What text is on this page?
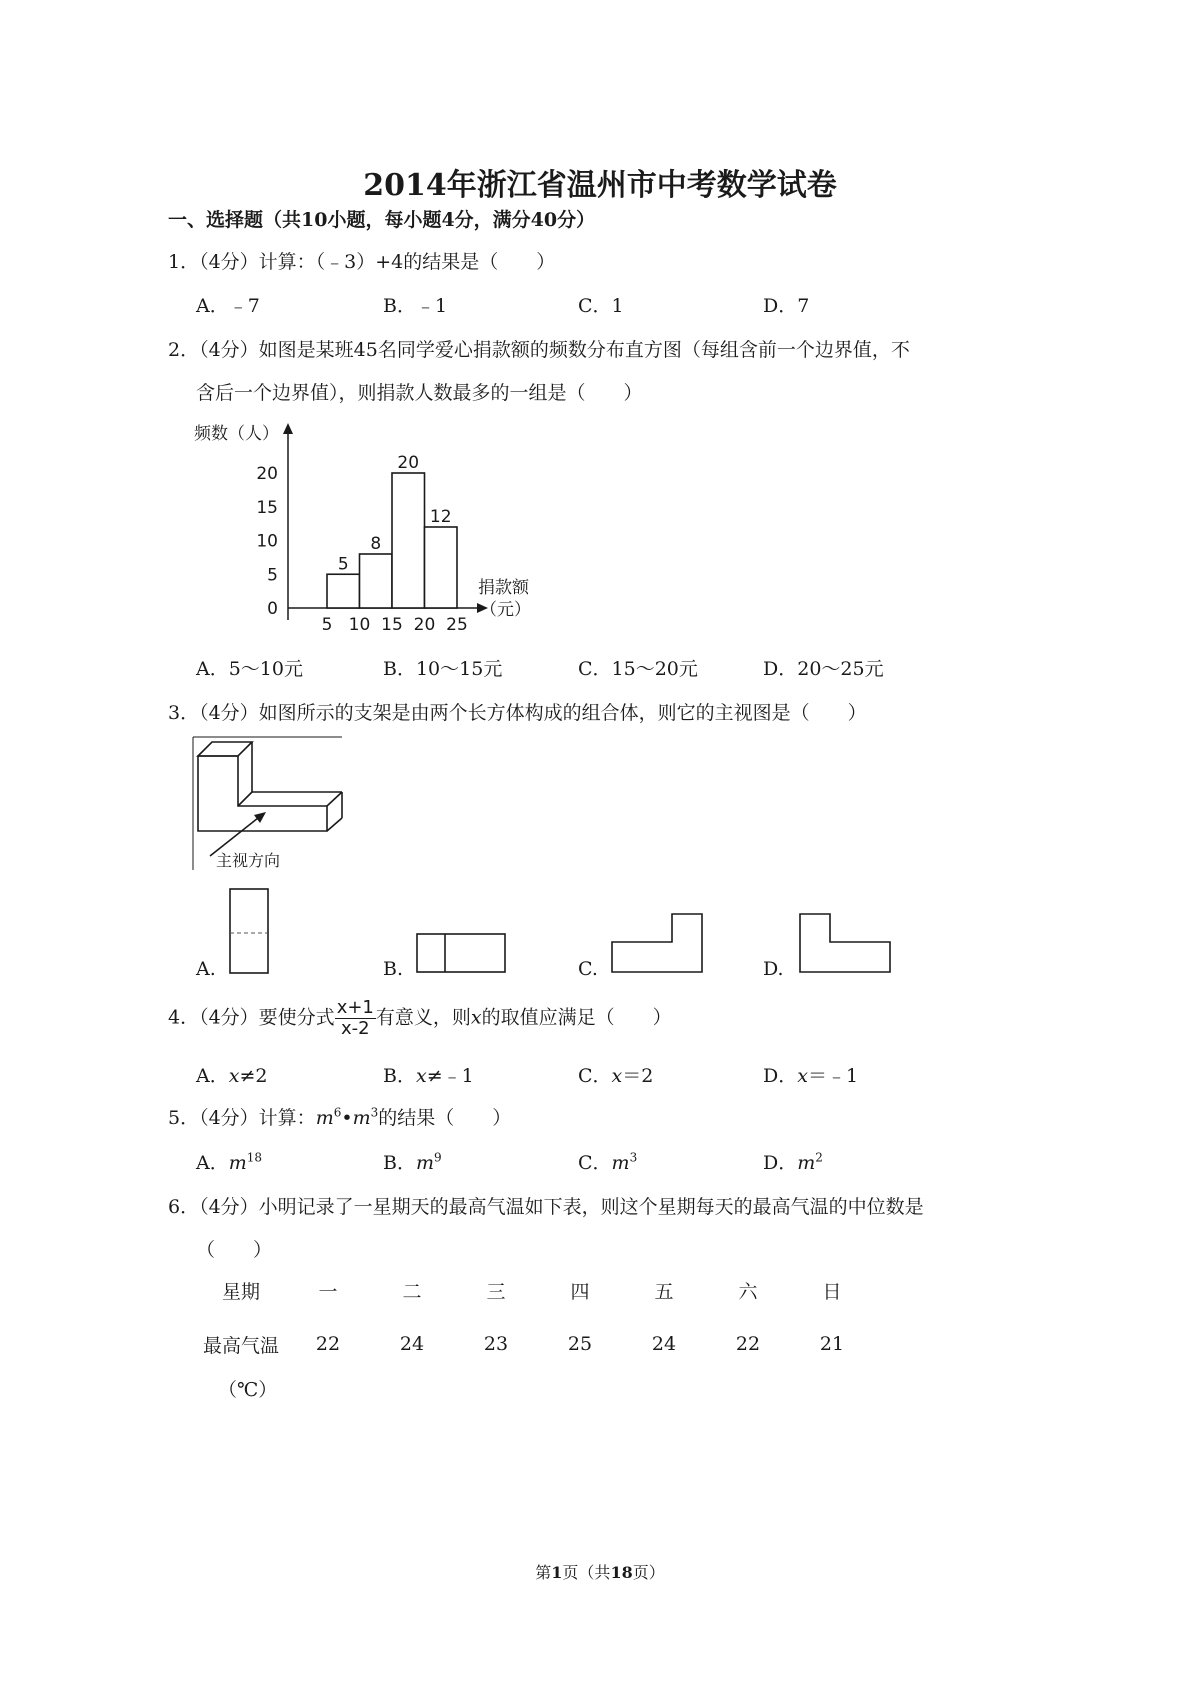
2014年浙江省温州市中考数学试卷
一、选择题（共10小题，每小题4分，满分40分）
1．（4分）计算：（﹣3）+4的结果是（　　）
A．﹣7	B．﹣1	C．1	D．7
2．（4分）如图是某班45名同学爱心捐款额的频数分布直方图（每组含前一个边界值，不
含后一个边界值），则捐款人数最多的一组是（　　）
频数（人）
0
5
10
15
20
5 10 15 20 25
5
8
20
12
捐款额
（元）
A．5～10元	B．10～15元	C．15～20元	D．20～25元
3．（4分）如图所示的支架是由两个长方体构成的组合体，则它的主视图是（　　）
主视方向
A.	B.	C.	D.
4．（4分）要使分式 $\frac{x+1}{x-2}$ 有意义，则x的取值应满足（　　）
A．x≠2	B．x≠﹣1	C．x＝2	D．x＝﹣1
5．（4分）计算：$m^6•m^3$的结果（　　）
A．$m^{18}$	B．$m^9$	C．$m^3$	D．$m^2$
6．（4分）小明记录了一星期天的最高气温如下表，则这个星期每天的最高气温的中位数是
（　　）
星期	一	二	三	四	五	六	日
最高气温	22	24	23	25	24	22	21
（℃）
第1页（共18页）
